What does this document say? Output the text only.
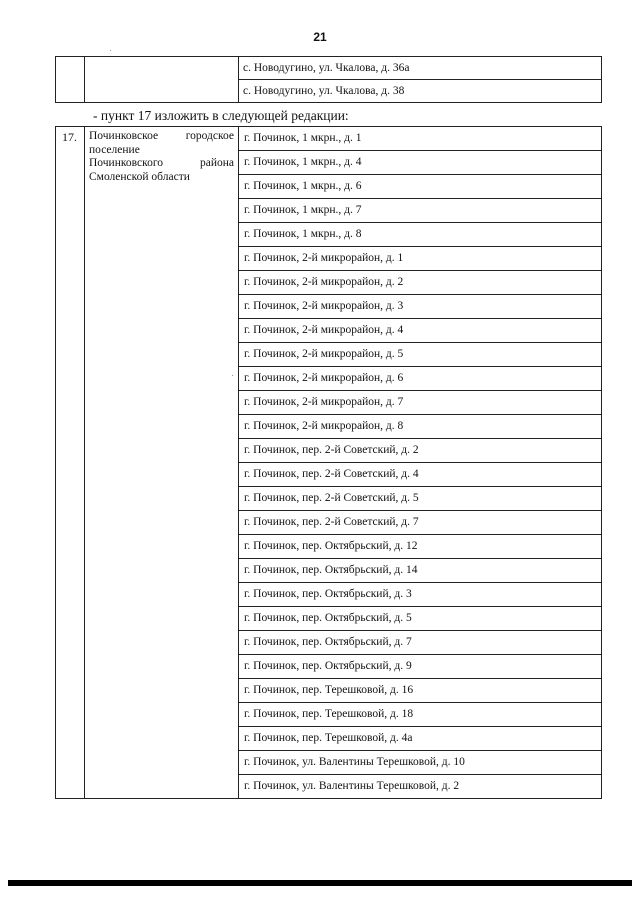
21
		с. Новодугино, ул. Чкалова, д. 36а
с. Новодугино, ул. Чкалова, д. 38
- пункт 17 изложить в следующей редакции:
17.	Починковское городское
поселение
Починковского района
Смоленской области
	г. Починок, 1 мкрн., д. 1
г. Починок, 1 мкрн., д. 4
г. Починок, 1 мкрн., д. 6
г. Починок, 1 мкрн., д. 7
г. Починок, 1 мкрн., д. 8
г. Починок, 2-й микрорайон, д. 1
г. Починок, 2-й микрорайон, д. 2
г. Починок, 2-й микрорайон, д. 3
г. Починок, 2-й микрорайон, д. 4
г. Починок, 2-й микрорайон, д. 5
г. Починок, 2-й микрорайон, д. 6
г. Починок, 2-й микрорайон, д. 7
г. Починок, 2-й микрорайон, д. 8
г. Починок, пер. 2-й Советский, д. 2
г. Починок, пер. 2-й Советский, д. 4
г. Починок, пер. 2-й Советский, д. 5
г. Починок, пер. 2-й Советский, д. 7
г. Починок, пер. Октябрьский, д. 12
г. Починок, пер. Октябрьский, д. 14
г. Починок, пер. Октябрьский, д. 3
г. Починок, пер. Октябрьский, д. 5
г. Починок, пер. Октябрьский, д. 7
г. Починок, пер. Октябрьский, д. 9
г. Починок, пер. Терешковой, д. 16
г. Починок, пер. Терешковой, д. 18
г. Починок, пер. Терешковой, д. 4а
г. Починок, ул. Валентины Терешковой, д. 10
г. Починок, ул. Валентины Терешковой, д. 2
